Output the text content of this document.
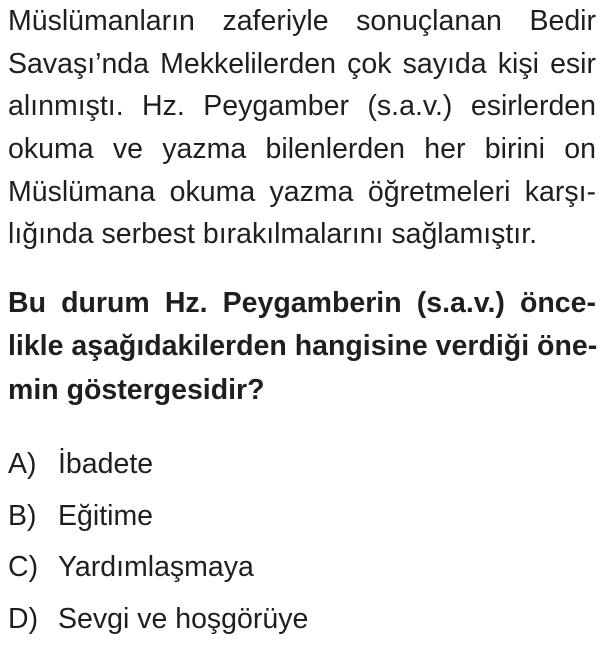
Müslümanların zaferiyle sonuçlanan Bedir
Savaşı’nda Mekkelilerden çok sayıda kişi esir
alınmıştı. Hz. Peygamber (s.a.v.) esirlerden
okuma ve yazma bilenlerden her birini on
Müslümana okuma yazma öğretmeleri karşı-
lığında serbest bırakılmalarını sağlamıştır.
Bu durum Hz. Peygamberin (s.a.v.) önce-
likle aşağıdakilerden hangisine verdiği öne-
min göstergesidir?
A) İbadete
B) Eğitime
C) Yardımlaşmaya
D) Sevgi ve hoşgörüye
